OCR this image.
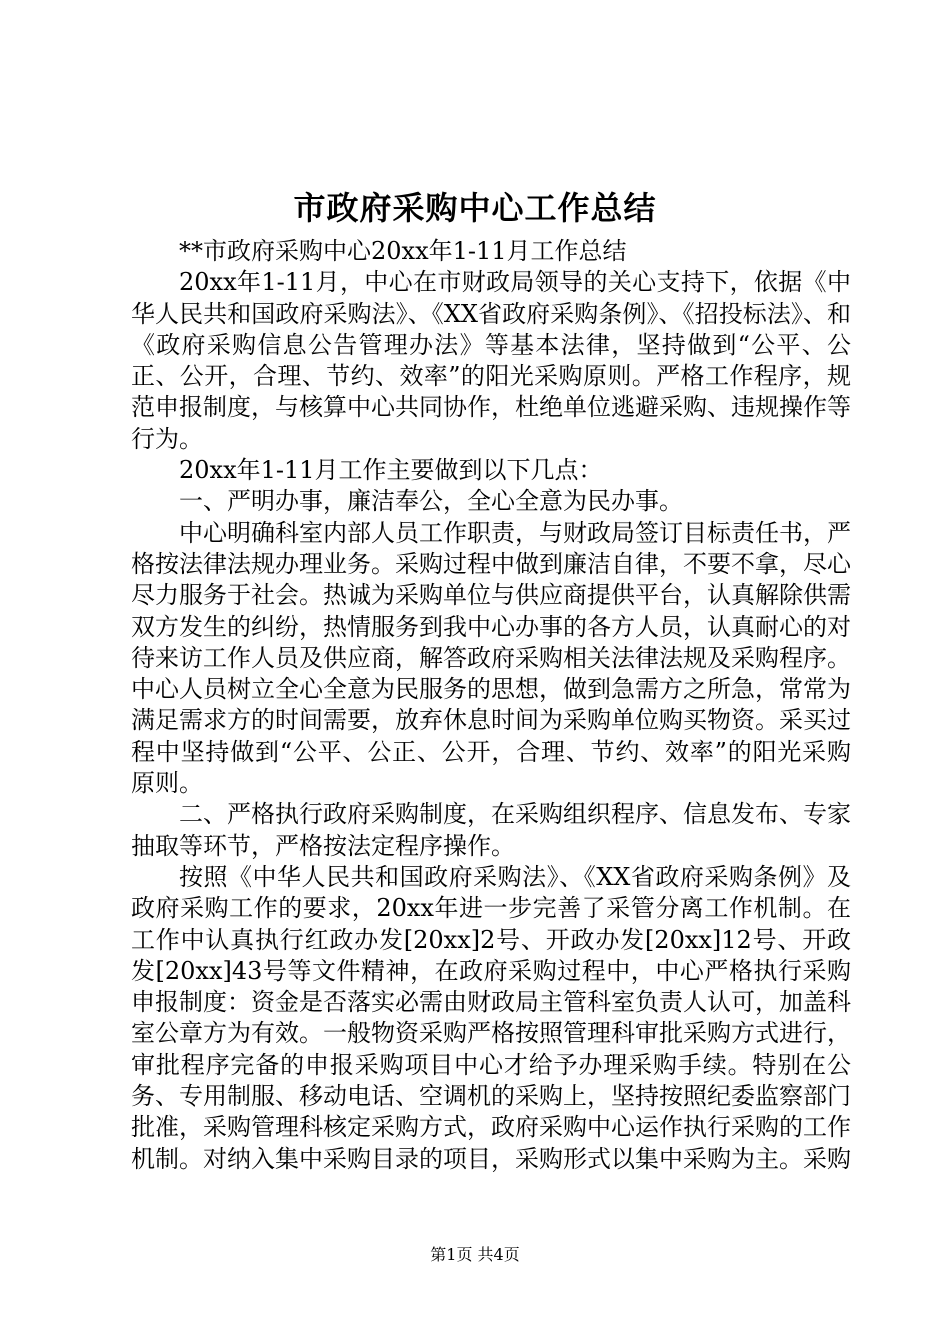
市政府采购中心工作总结

**市政府采购中心20xx年1-11月工作总结

20xx年1-11月，中心在市财政局领导的关心支持下，依据《中华人民共和国政府采购法》、《XX省政府采购条例》、《招投标法》、和《政府采购信息公告管理办法》等基本法律，坚持做到“公平、公正、公开，合理、节约、效率”的阳光采购原则。严格工作程序，规范申报制度，与核算中心共同协作，杜绝单位逃避采购、违规操作等行为。

20xx年1-11月工作主要做到以下几点：

一、严明办事，廉洁奉公，全心全意为民办事。

中心明确科室内部人员工作职责，与财政局签订目标责任书，严格按法律法规办理业务。采购过程中做到廉洁自律，不要不拿，尽心尽力服务于社会。热诚为采购单位与供应商提供平台，认真解除供需双方发生的纠纷，热情服务到我中心办事的各方人员，认真耐心的对待来访工作人员及供应商，解答政府采购相关法律法规及采购程序。中心人员树立全心全意为民服务的思想，做到急需方之所急，常常为满足需求方的时间需要，放弃休息时间为采购单位购买物资。采买过程中坚持做到“公平、公正、公开，合理、节约、效率”的阳光采购原则。

二、严格执行政府采购制度，在采购组织程序、信息发布、专家抽取等环节，严格按法定程序操作。

按照《中华人民共和国政府采购法》、《XX省政府采购条例》及政府采购工作的要求，20xx年进一步完善了采管分离工作机制。在工作中认真执行红政办发[20xx]2号、开政办发[20xx]12号、开政发[20xx]43号等文件精神，在政府采购过程中，中心严格执行采购申报制度：资金是否落实必需由财政局主管科室负责人认可，加盖科室公章方为有效。一般物资采购严格按照管理科审批采购方式进行，审批程序完备的申报采购项目中心才给予办理采购手续。特别在公务、专用制服、移动电话、空调机的采购上，坚持按照纪委监察部门批准，采购管理科核定采购方式，政府采购中心运作执行采购的工作机制。对纳入集中采购目录的项目，采购形式以集中采购为主。采购

第1页 共4页
